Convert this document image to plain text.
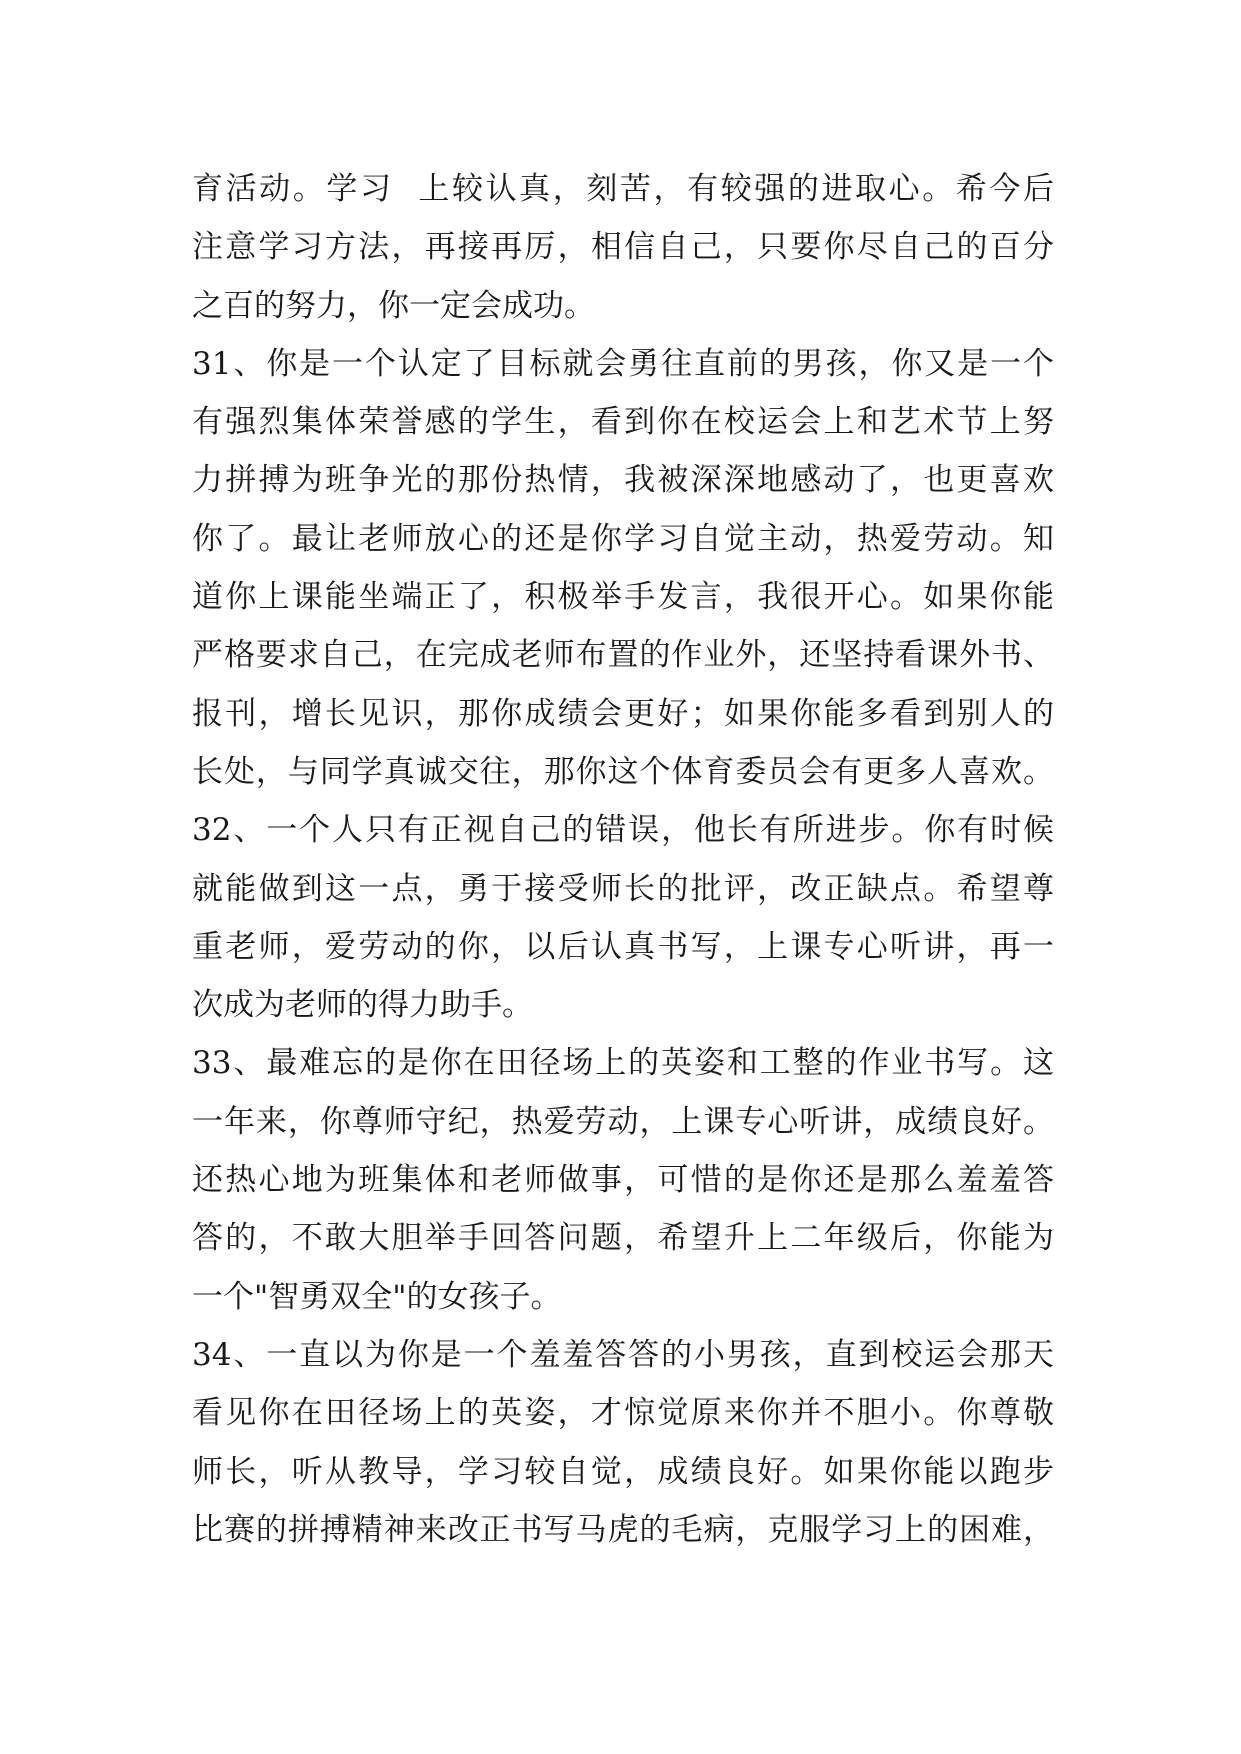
育活动。学习  上较认真，刻苦，有较强的进取心。希今后
注意学习方法，再接再厉，相信自己，只要你尽自己的百分
之百的努力，你一定会成功。
31、你是一个认定了目标就会勇往直前的男孩，你又是一个
有强烈集体荣誉感的学生，看到你在校运会上和艺术节上努
力拼搏为班争光的那份热情，我被深深地感动了，也更喜欢
你了。最让老师放心的还是你学习自觉主动，热爱劳动。知
道你上课能坐端正了，积极举手发言，我很开心。如果你能
严格要求自己，在完成老师布置的作业外，还坚持看课外书、
报刊，增长见识，那你成绩会更好；如果你能多看到别人的
长处，与同学真诚交往，那你这个体育委员会有更多人喜欢。
32、一个人只有正视自己的错误，他长有所进步。你有时候
就能做到这一点，勇于接受师长的批评，改正缺点。希望尊
重老师，爱劳动的你，以后认真书写，上课专心听讲，再一
次成为老师的得力助手。
33、最难忘的是你在田径场上的英姿和工整的作业书写。这
一年来，你尊师守纪，热爱劳动，上课专心听讲，成绩良好。
还热心地为班集体和老师做事，可惜的是你还是那么羞羞答
答的，不敢大胆举手回答问题，希望升上二年级后，你能为
一个"智勇双全"的女孩子。
34、一直以为你是一个羞羞答答的小男孩，直到校运会那天
看见你在田径场上的英姿，才惊觉原来你并不胆小。你尊敬
师长，听从教导，学习较自觉，成绩良好。如果你能以跑步
比赛的拼搏精神来改正书写马虎的毛病，克服学习上的困难，
